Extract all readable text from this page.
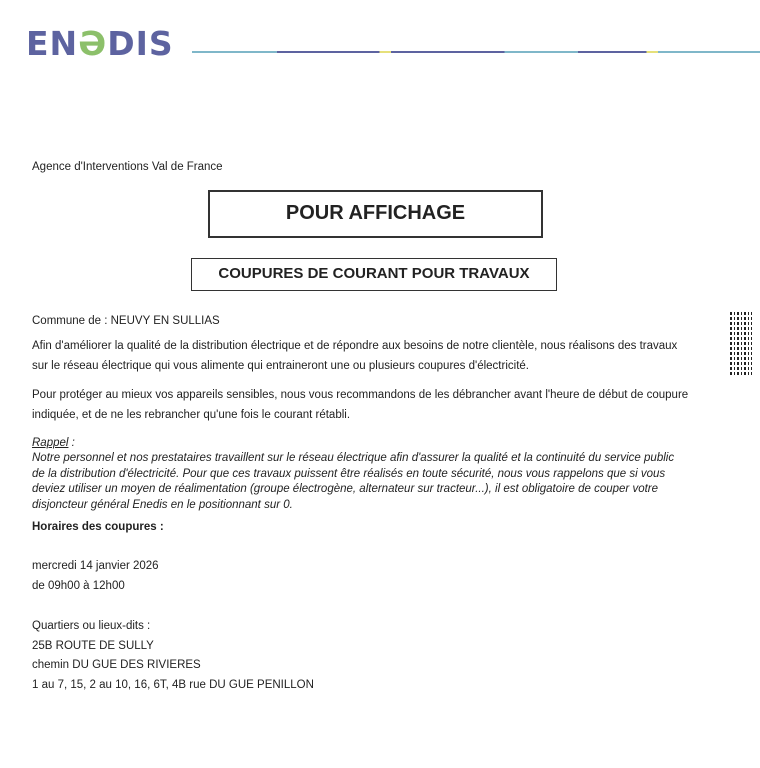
ENƏDIS
Agence d'Interventions Val de France
POUR AFFICHAGE
COUPURES DE COURANT POUR TRAVAUX
Commune de : NEUVY EN SULLIAS
Afin d'améliorer la qualité de la distribution électrique et de répondre aux besoins de notre clientèle, nous réalisons des travaux
sur le réseau électrique qui vous alimente qui entraineront une ou plusieurs coupures d'électricité.
Pour protéger au mieux vos appareils sensibles, nous vous recommandons de les débrancher avant l'heure de début de coupure
indiquée, et de ne les rebrancher qu'une fois le courant rétabli.
Rappel :
Notre personnel et nos prestataires travaillent sur le réseau électrique afin d'assurer la qualité et la continuité du service public
de la distribution d'électricité. Pour que ces travaux puissent être réalisés en toute sécurité, nous vous rappelons que si vous
deviez utiliser un moyen de réalimentation (groupe électrogène, alternateur sur tracteur...), il est obligatoire de couper votre
disjoncteur général Enedis en le positionnant sur 0.
Horaires des coupures :
mercredi 14 janvier 2026
de 09h00 à 12h00
Quartiers ou lieux-dits :
25B ROUTE DE SULLY
chemin DU GUE DES RIVIERES
1 au 7, 15, 2 au 10, 16, 6T, 4B rue DU GUE PENILLON
